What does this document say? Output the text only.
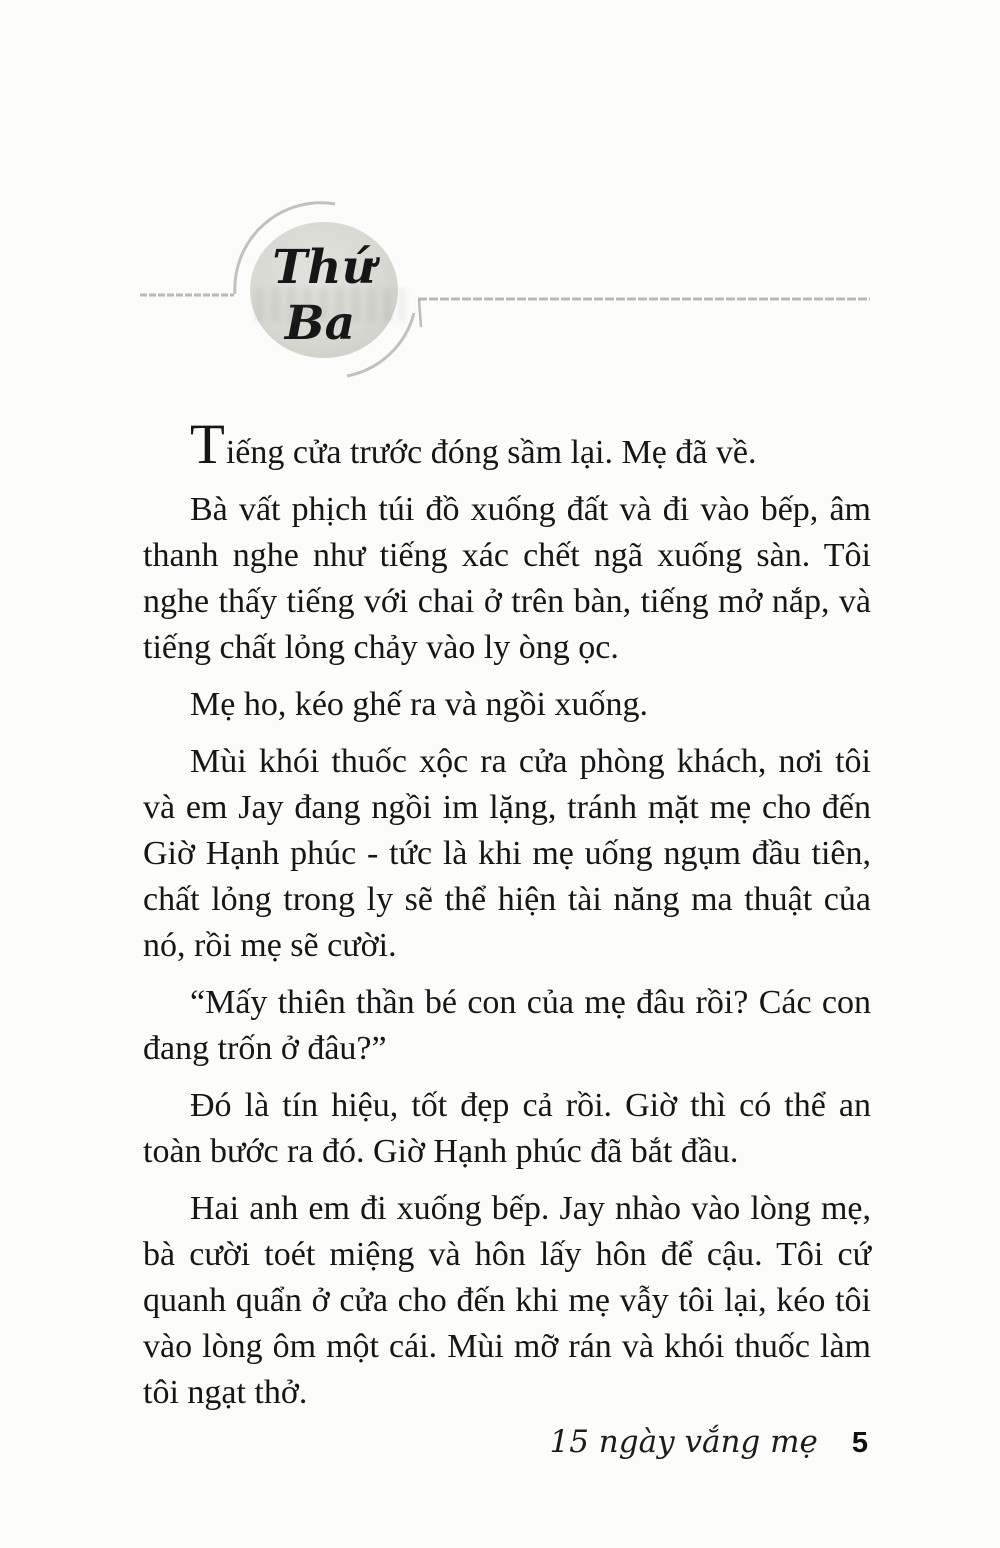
Thứ
Ba

Tiếng cửa trước đóng sầm lại. Mẹ đã về.

Bà vất phịch túi đồ xuống đất và đi vào bếp, âm thanh nghe như tiếng xác chết ngã xuống sàn. Tôi nghe thấy tiếng với chai ở trên bàn, tiếng mở nắp, và tiếng chất lỏng chảy vào ly òng ọc.

Mẹ ho, kéo ghế ra và ngồi xuống.

Mùi khói thuốc xộc ra cửa phòng khách, nơi tôi và em Jay đang ngồi im lặng, tránh mặt mẹ cho đến Giờ Hạnh phúc - tức là khi mẹ uống ngụm đầu tiên, chất lỏng trong ly sẽ thể hiện tài năng ma thuật của nó, rồi mẹ sẽ cười.

“Mấy thiên thần bé con của mẹ đâu rồi? Các con đang trốn ở đâu?”

Đó là tín hiệu, tốt đẹp cả rồi. Giờ thì có thể an toàn bước ra đó. Giờ Hạnh phúc đã bắt đầu.

Hai anh em đi xuống bếp. Jay nhào vào lòng mẹ, bà cười toét miệng và hôn lấy hôn để cậu. Tôi cứ quanh quẩn ở cửa cho đến khi mẹ vẫy tôi lại, kéo tôi vào lòng ôm một cái. Mùi mỡ rán và khói thuốc làm tôi ngạt thở.

15 ngày vắng mẹ 5
